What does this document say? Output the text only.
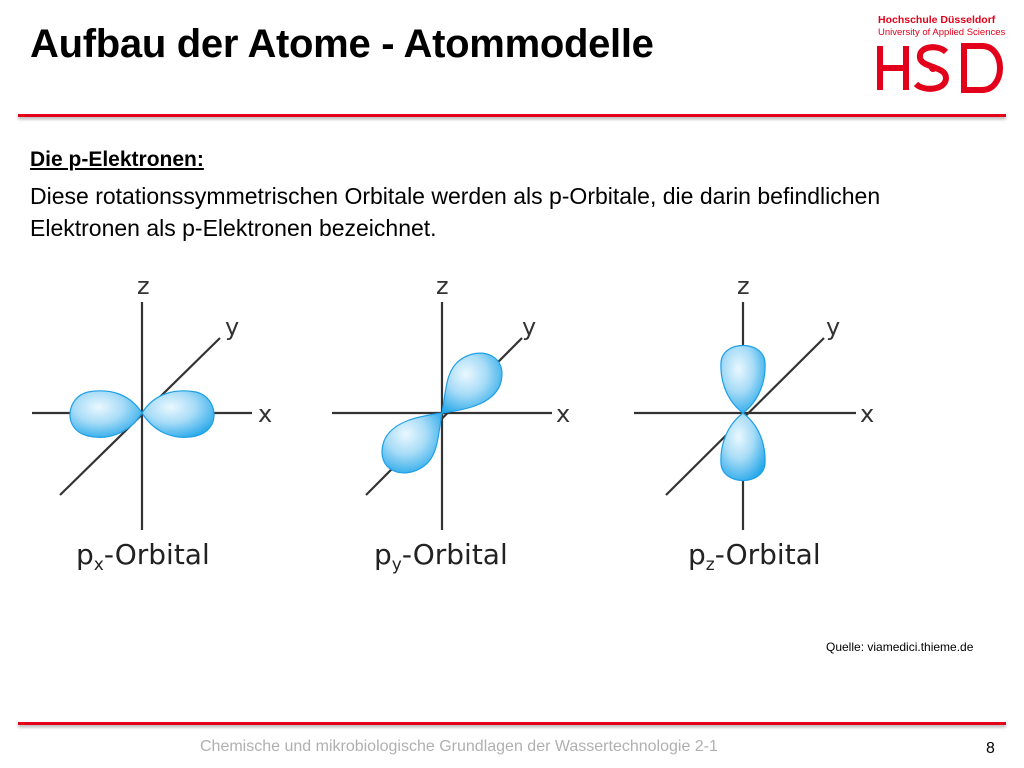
Aufbau der Atome - Atommodelle
Hochschule Düsseldorf
University of Applied Sciences
Die p-Elektronen:
Diese rotationssymmetrischen Orbitale werden als p-Orbitale, die darin befindlichen Elektronen als p-Elektronen bezeichnet.
z
y
x
z
y
x
z
y
x
$p_x$-Orbital	$p_y$-Orbital	$p_z$-Orbital
Quelle: viamedici.thieme.de
Chemische und mikrobiologische Grundlagen der Wassertechnologie 2-1	8
